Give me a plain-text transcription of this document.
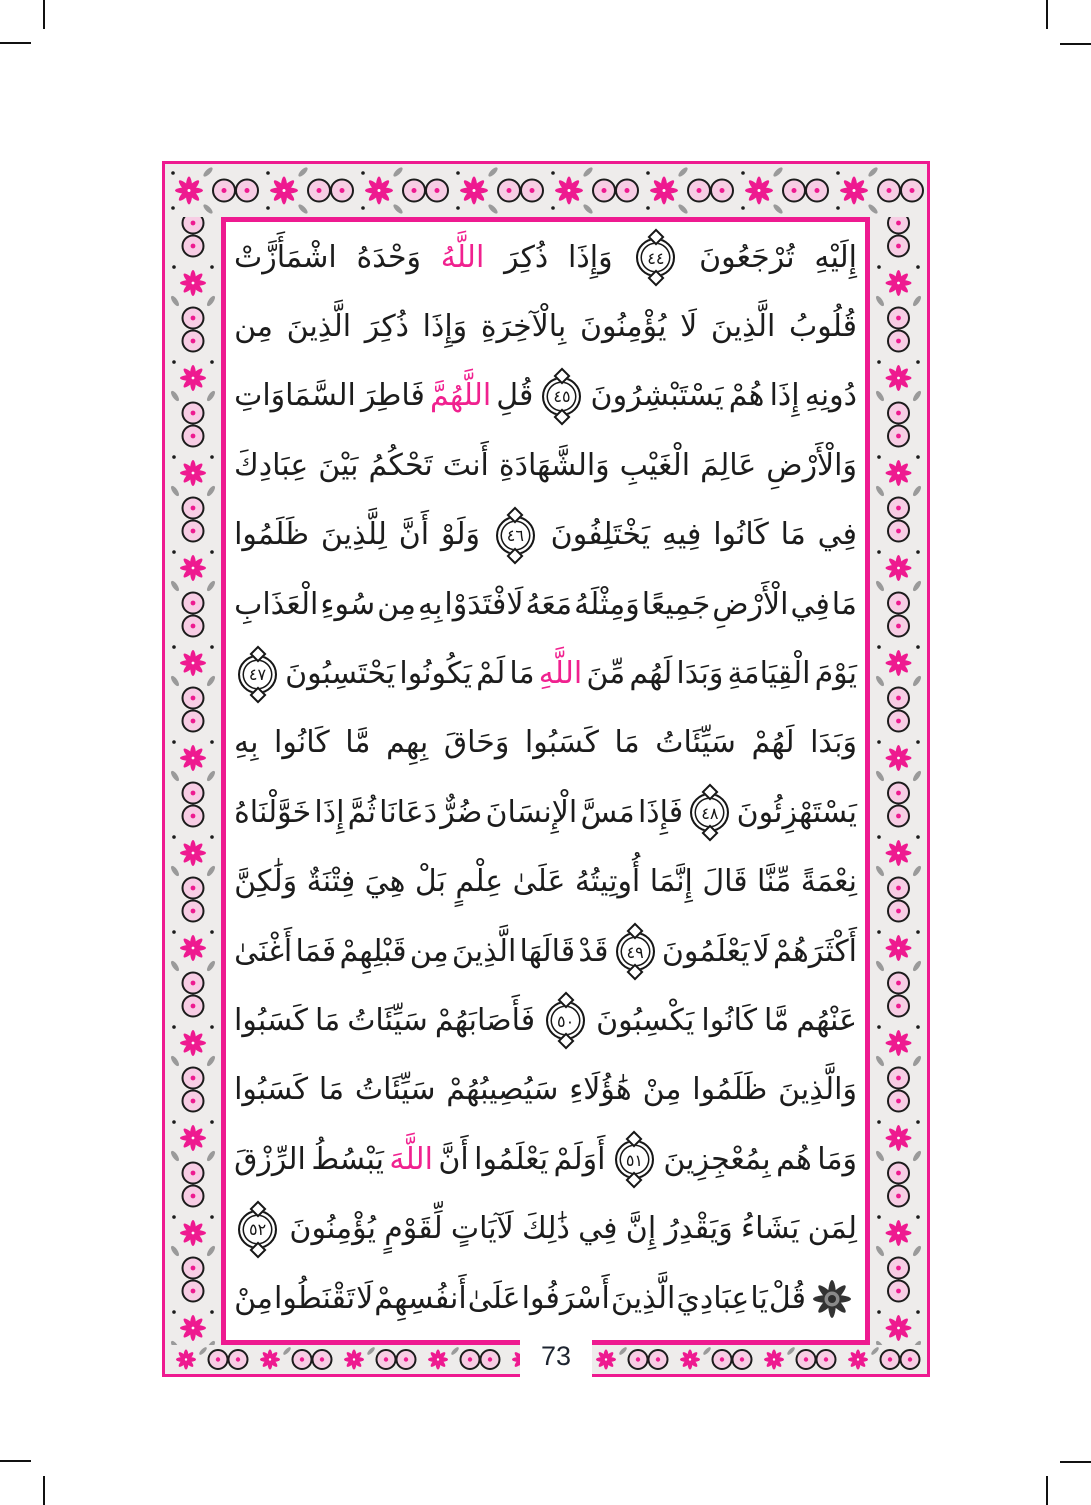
إِلَيْهِ
تُرْجَعُونَ
٤٤
وَإِذَا
ذُكِرَ
اللَّهُ
وَحْدَهُ
اشْمَأَزَّتْ
قُلُوبُ
الَّذِينَ
لَا
يُؤْمِنُونَ
بِالْآخِرَةِ
وَإِذَا
ذُكِرَ
الَّذِينَ
مِن
دُونِهِ
إِذَا
هُمْ
يَسْتَبْشِرُونَ
٤٥
قُلِ
اللَّهُمَّ
فَاطِرَ
السَّمَاوَاتِ
وَالْأَرْضِ
عَالِمَ
الْغَيْبِ
وَالشَّهَادَةِ
أَنتَ
تَحْكُمُ
بَيْنَ
عِبَادِكَ
فِي
مَا
كَانُوا
فِيهِ
يَخْتَلِفُونَ
٤٦
وَلَوْ
أَنَّ
لِلَّذِينَ
ظَلَمُوا
مَا
فِي
الْأَرْضِ
جَمِيعًا
وَمِثْلَهُ
مَعَهُ
لَافْتَدَوْا
بِهِ
مِن
سُوءِ
الْعَذَابِ
يَوْمَ
الْقِيَامَةِ
وَبَدَا
لَهُم
مِّنَ
اللَّهِ
مَا
لَمْ
يَكُونُوا
يَحْتَسِبُونَ
٤٧
وَبَدَا
لَهُمْ
سَيِّئَاتُ
مَا
كَسَبُوا
وَحَاقَ
بِهِم
مَّا
كَانُوا
بِهِ
يَسْتَهْزِئُونَ
٤٨
فَإِذَا
مَسَّ
الْإِنسَانَ
ضُرٌّ
دَعَانَا
ثُمَّ
إِذَا
خَوَّلْنَاهُ
نِعْمَةً
مِّنَّا
قَالَ
إِنَّمَا
أُوتِيتُهُ
عَلَىٰ
عِلْمٍ
بَلْ
هِيَ
فِتْنَةٌ
وَلَٰكِنَّ
أَكْثَرَهُمْ
لَا
يَعْلَمُونَ
٤٩
قَدْ
قَالَهَا
الَّذِينَ
مِن
قَبْلِهِمْ
فَمَا
أَغْنَىٰ
عَنْهُم
مَّا
كَانُوا
يَكْسِبُونَ
٥٠
فَأَصَابَهُمْ
سَيِّئَاتُ
مَا
كَسَبُوا
وَالَّذِينَ
ظَلَمُوا
مِنْ
هَٰؤُلَاءِ
سَيُصِيبُهُمْ
سَيِّئَاتُ
مَا
كَسَبُوا
وَمَا
هُم
بِمُعْجِزِينَ
٥١
أَوَلَمْ
يَعْلَمُوا
أَنَّ
اللَّهَ
يَبْسُطُ
الرِّزْقَ
لِمَن
يَشَاءُ
وَيَقْدِرُ
إِنَّ
فِي
ذَٰلِكَ
لَآيَاتٍ
لِّقَوْمٍ
يُؤْمِنُونَ
٥٢
قُلْ
يَا
عِبَادِيَ
الَّذِينَ
أَسْرَفُوا
عَلَىٰ
أَنفُسِهِمْ
لَا
تَقْنَطُوا
مِنْ
73
